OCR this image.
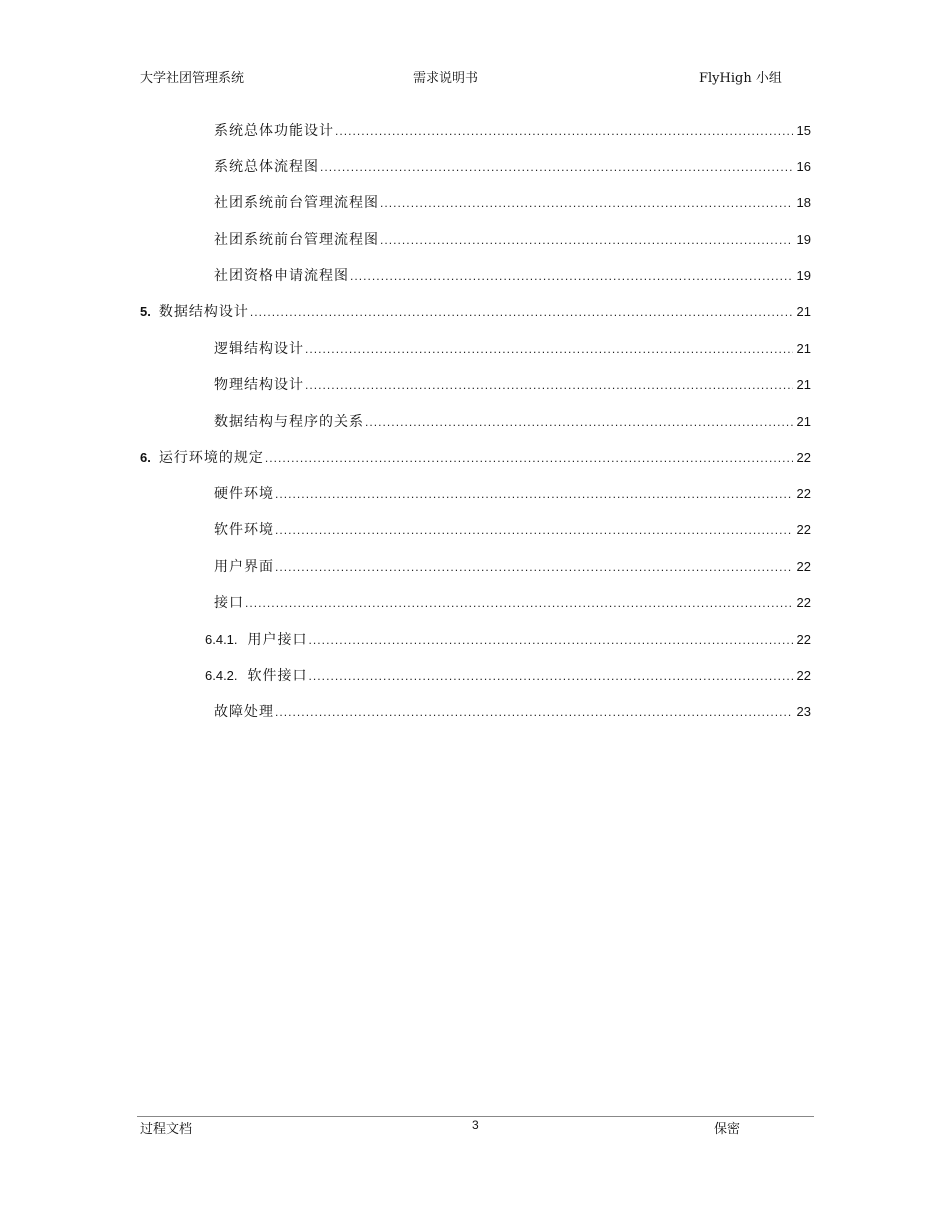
大学社团管理系统	需求说明书	FlyHigh 小组
系统总体功能设计 .....	15
系统总体流程图 .....	16
社团系统前台管理流程图 .....	18
社团系统前台管理流程图 .....	19
社团资格申请流程图 .....	19
5. 数据结构设计 .....	21
逻辑结构设计 .....	21
物理结构设计 .....	21
数据结构与程序的关系 .....	21
6. 运行环境的规定 .....	22
硬件环境 .....	22
软件环境 .....	22
用户界面 .....	22
接口 .....	22
6.4.1. 用户接口 .....	22
6.4.2. 软件接口 .....	22
故障处理 .....	23
过程文档	3	保密
